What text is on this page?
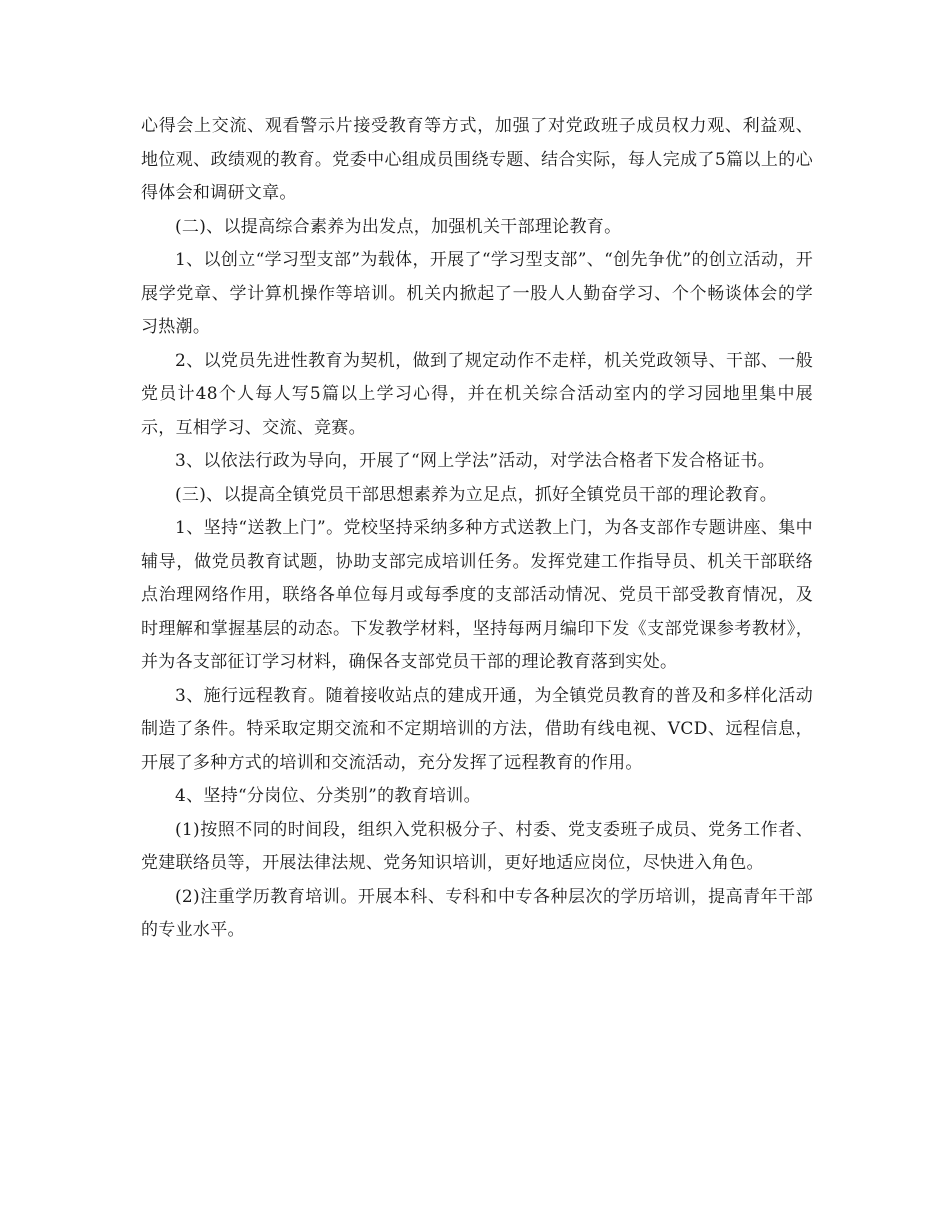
心得会上交流、观看警示片接受教育等方式，加强了对党政班子成员权力观、利益观、地位观、政绩观的教育。党委中心组成员围绕专题、结合实际，每人完成了5篇以上的心得体会和调研文章。

(二)、以提高综合素养为出发点，加强机关干部理论教育。

1、以创立“学习型支部”为载体，开展了“学习型支部”、“创先争优”的创立活动，开展学党章、学计算机操作等培训。机关内掀起了一股人人勤奋学习、个个畅谈体会的学习热潮。

2、以党员先进性教育为契机，做到了规定动作不走样，机关党政领导、干部、一般党员计48个人每人写5篇以上学习心得，并在机关综合活动室内的学习园地里集中展示，互相学习、交流、竞赛。

3、以依法行政为导向，开展了“网上学法”活动，对学法合格者下发合格证书。

(三)、以提高全镇党员干部思想素养为立足点，抓好全镇党员干部的理论教育。

1、坚持“送教上门”。党校坚持采纳多种方式送教上门，为各支部作专题讲座、集中辅导，做党员教育试题，协助支部完成培训任务。发挥党建工作指导员、机关干部联络点治理网络作用，联络各单位每月或每季度的支部活动情况、党员干部受教育情况，及时理解和掌握基层的动态。下发教学材料，坚持每两月编印下发《支部党课参考教材》，并为各支部征订学习材料，确保各支部党员干部的理论教育落到实处。

3、施行远程教育。随着接收站点的建成开通，为全镇党员教育的普及和多样化活动制造了条件。特采取定期交流和不定期培训的方法，借助有线电视、VCD、远程信息，开展了多种方式的培训和交流活动，充分发挥了远程教育的作用。

4、坚持“分岗位、分类别”的教育培训。

(1)按照不同的时间段，组织入党积极分子、村委、党支委班子成员、党务工作者、党建联络员等，开展法律法规、党务知识培训，更好地适应岗位，尽快进入角色。

(2)注重学历教育培训。开展本科、专科和中专各种层次的学历培训，提高青年干部的专业水平。
